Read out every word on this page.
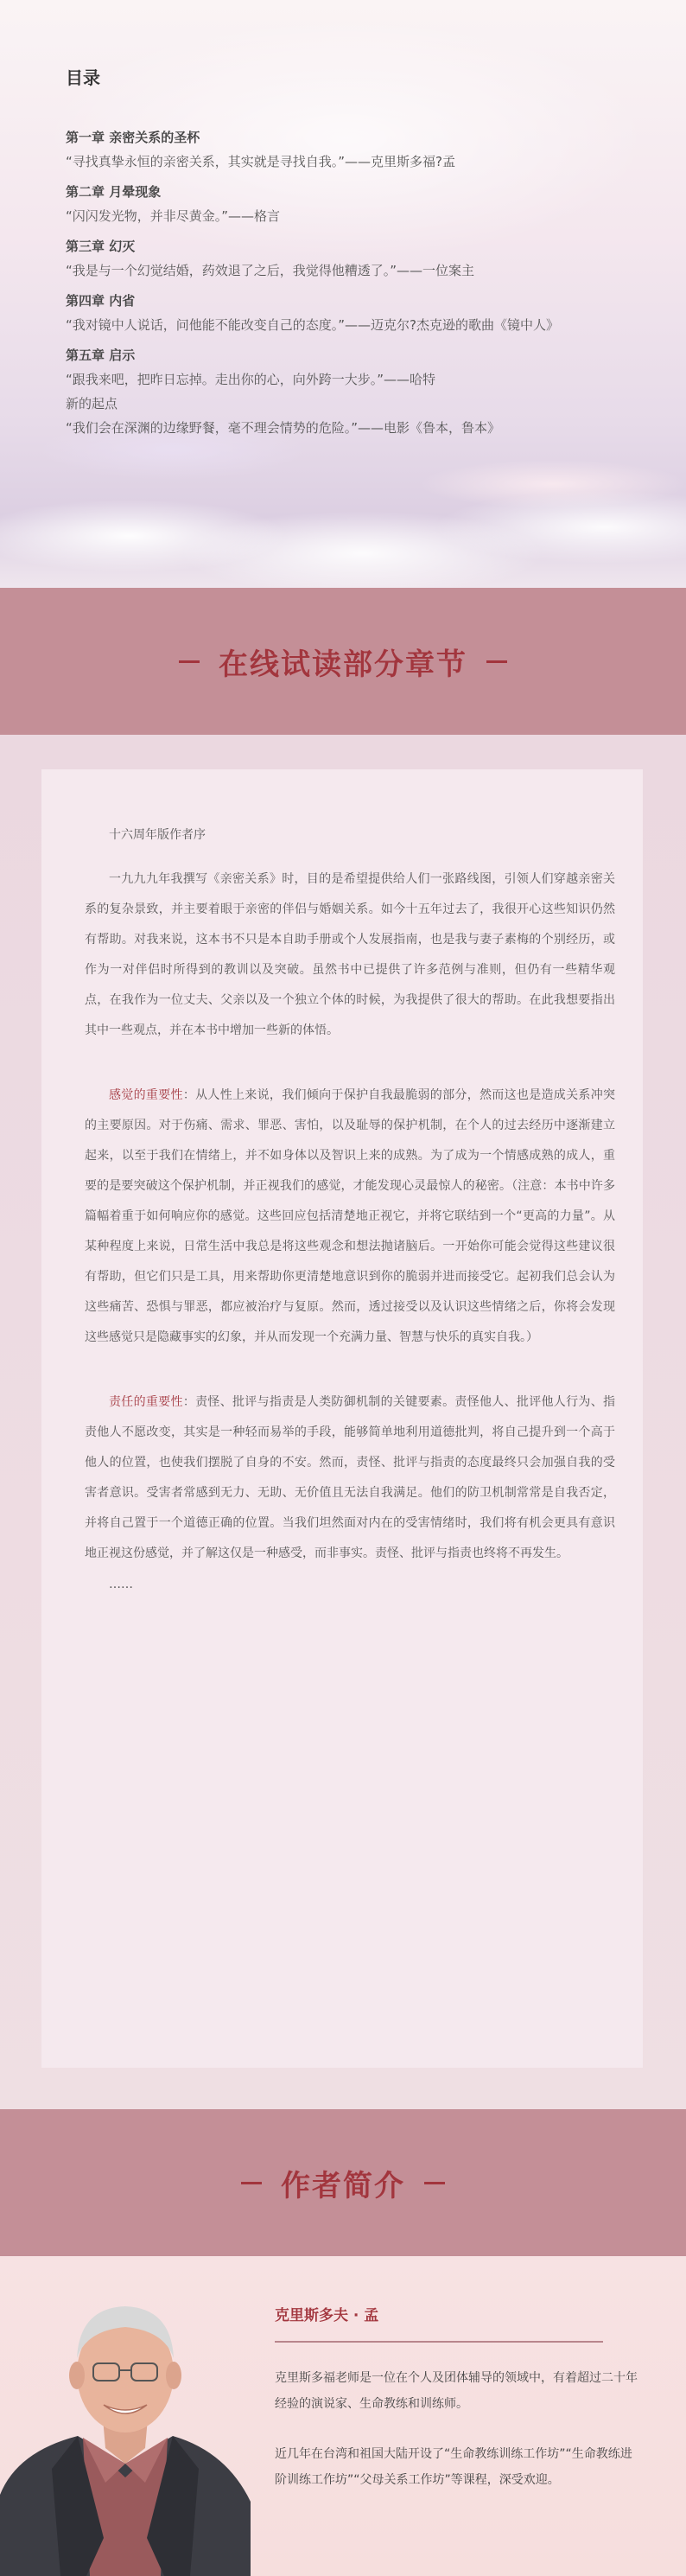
目录
第一章 亲密关系的圣杯
“寻找真挚永恒的亲密关系，其实就是寻找自我。”——克里斯多福?孟
第二章 月晕现象
“闪闪发光物，并非尽黄金。”——格言
第三章 幻灭
“我是与一个幻觉结婚，药效退了之后，我觉得他糟透了。”——一位案主
第四章 内省
“我对镜中人说话，问他能不能改变自己的态度。”——迈克尔?杰克逊的歌曲《镜中人》
第五章 启示
“跟我来吧，把昨日忘掉。走出你的心，向外跨一大步。”——哈特
新的起点
“我们会在深渊的边缘野餐，毫不理会情势的危险。”——电影《鲁本，鲁本》
在线试读部分章节
十六周年版作者序

一九九九年我撰写《亲密关系》时，目的是希望提供给人们一张路线图，引领人们穿越亲密关系的复杂景致，并主要着眼于亲密的伴侣与婚姻关系。如今十五年过去了，我很开心这些知识仍然有帮助。对我来说，这本书不只是本自助手册或个人发展指南，也是我与妻子素梅的个别经历，或作为一对伴侣时所得到的教训以及突破。虽然书中已提供了许多范例与准则，但仍有一些精华观点，在我作为一位丈夫、父亲以及一个独立个体的时候，为我提供了很大的帮助。在此我想要指出其中一些观点，并在本书中增加一些新的体悟。

感觉的重要性：从人性上来说，我们倾向于保护自我最脆弱的部分，然而这也是造成关系冲突的主要原因。对于伤痛、需求、罪恶、害怕，以及耻辱的保护机制，在个人的过去经历中逐渐建立起来，以至于我们在情绪上，并不如身体以及智识上来的成熟。为了成为一个情感成熟的成人，重要的是要突破这个保护机制，并正视我们的感觉，才能发现心灵最惊人的秘密。（注意：本书中许多篇幅着重于如何响应你的感觉。这些回应包括清楚地正视它，并将它联结到一个“更高的力量”。从某种程度上来说，日常生活中我总是将这些观念和想法抛诸脑后。一开始你可能会觉得这些建议很有帮助，但它们只是工具，用来帮助你更清楚地意识到你的脆弱并进而接受它。起初我们总会认为这些痛苦、恐惧与罪恶，都应被治疗与复原。然而，透过接受以及认识这些情绪之后，你将会发现这些感觉只是隐藏事实的幻象，并从而发现一个充满力量、智慧与快乐的真实自我。）

责任的重要性：责怪、批评与指责是人类防御机制的关键要素。责怪他人、批评他人行为、指责他人不愿改变，其实是一种轻而易举的手段，能够简单地利用道德批判，将自己提升到一个高于他人的位置，也使我们摆脱了自身的不安。然而，责怪、批评与指责的态度最终只会加强自我的受害者意识。受害者常感到无力、无助、无价值且无法自我满足。他们的防卫机制常常是自我否定，并将自己置于一个道德正确的位置。当我们坦然面对内在的受害情绪时，我们将有机会更具有意识地正视这份感觉，并了解这仅是一种感受，而非事实。责怪、批评与指责也终将不再发生。

……
作者简介
克里斯多夫 · 孟

克里斯多福老师是一位在个人及团体辅导的领域中，有着超过二十年经验的演说家、生命教练和训练师。

近几年在台湾和祖国大陆开设了“生命教练训练工作坊”“生命教练进阶训练工作坊”“父母关系工作坊”等课程，深受欢迎。
